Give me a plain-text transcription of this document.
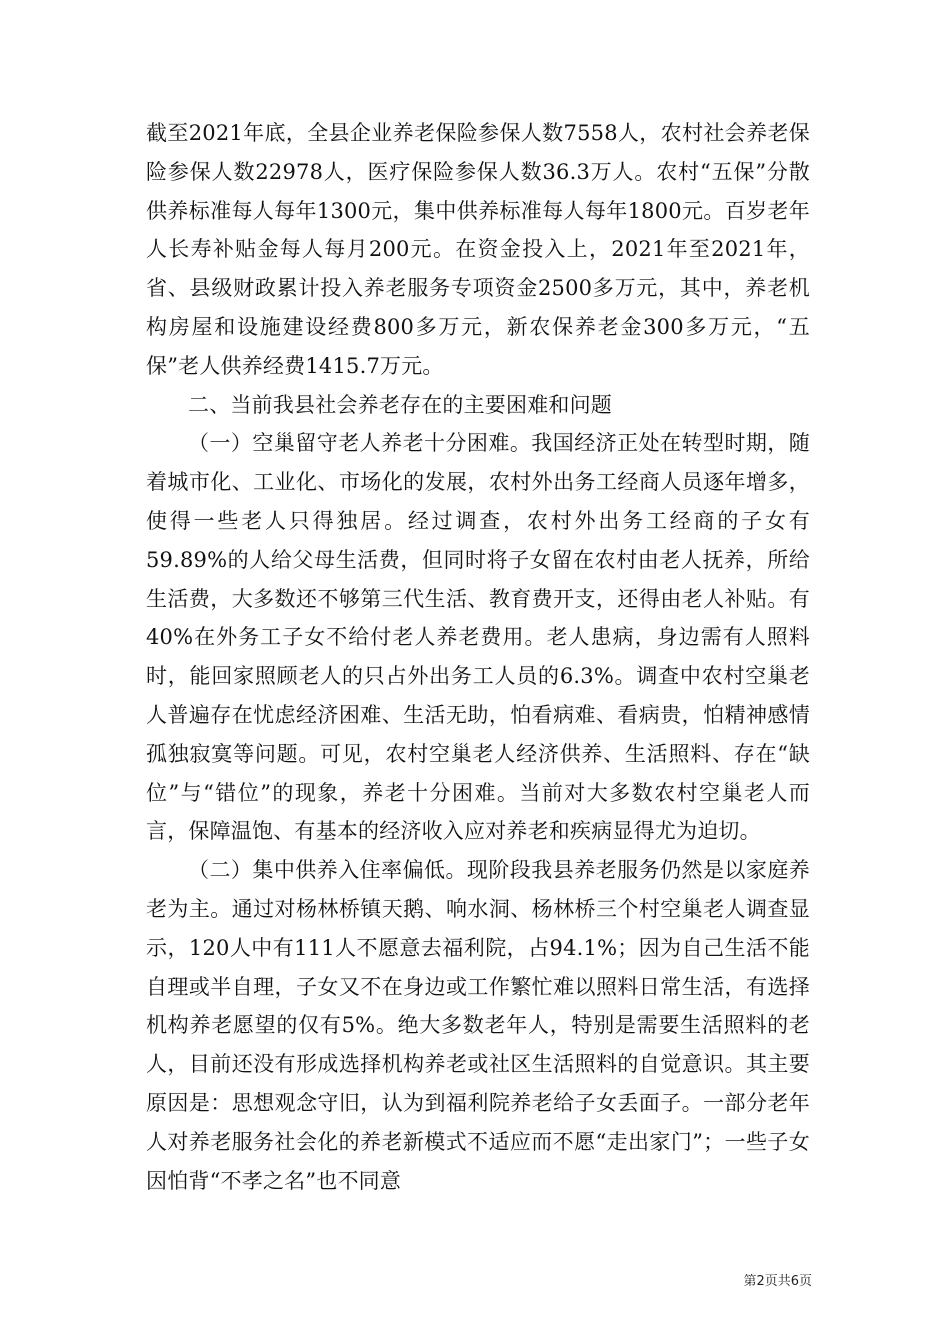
截至2021年底，全县企业养老保险参保人数7558人，农村社会养老保险参保人数22978人，医疗保险参保人数36.3万人。农村“五保”分散供养标准每人每年1300元，集中供养标准每人每年1800元。百岁老年人长寿补贴金每人每月200元。在资金投入上，2021年至2021年，省、县级财政累计投入养老服务专项资金2500多万元，其中，养老机构房屋和设施建设经费800多万元，新农保养老金300多万元，“五保”老人供养经费1415.7万元。

二、当前我县社会养老存在的主要困难和问题

（一）空巢留守老人养老十分困难。我国经济正处在转型时期，随着城市化、工业化、市场化的发展，农村外出务工经商人员逐年增多，使得一些老人只得独居。经过调查，农村外出务工经商的子女有59.89%的人给父母生活费，但同时将子女留在农村由老人抚养，所给生活费，大多数还不够第三代生活、教育费开支，还得由老人补贴。有40%在外务工子女不给付老人养老费用。老人患病，身边需有人照料时，能回家照顾老人的只占外出务工人员的6.3%。调查中农村空巢老人普遍存在忧虑经济困难、生活无助，怕看病难、看病贵，怕精神感情孤独寂寞等问题。可见，农村空巢老人经济供养、生活照料、存在“缺位”与“错位”的现象，养老十分困难。当前对大多数农村空巢老人而言，保障温饱、有基本的经济收入应对养老和疾病显得尤为迫切。

（二）集中供养入住率偏低。现阶段我县养老服务仍然是以家庭养老为主。通过对杨林桥镇天鹅、响水洞、杨林桥三个村空巢老人调查显示，120人中有111人不愿意去福利院，占94.1%；因为自己生活不能自理或半自理，子女又不在身边或工作繁忙难以照料日常生活，有选择机构养老愿望的仅有5%。绝大多数老年人，特别是需要生活照料的老人，目前还没有形成选择机构养老或社区生活照料的自觉意识。其主要原因是：思想观念守旧，认为到福利院养老给子女丢面子。一部分老年人对养老服务社会化的养老新模式不适应而不愿“走出家门”；一些子女因怕背“不孝之名”也不同意

第2页共6页
